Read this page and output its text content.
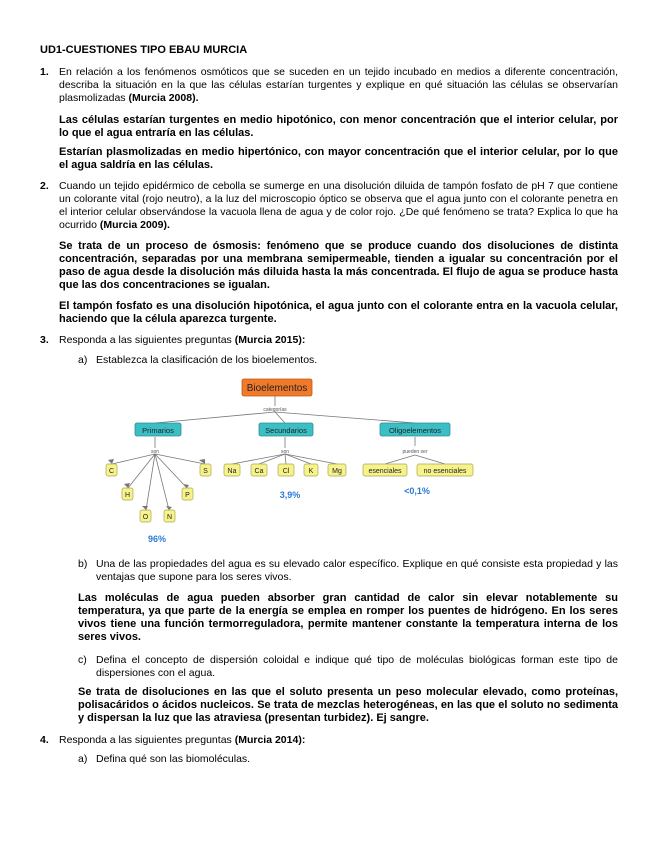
UD1-CUESTIONES TIPO EBAU MURCIA
1. En relación a los fenómenos osmóticos que se suceden en un tejido incubado en medios a diferente concentración, describa la situación en la que las células estarían turgentes y explique en qué situación las células se observarían plasmolizadas (Murcia 2008).
Las células estarían turgentes en medio hipotónico, con menor concentración que el interior celular, por lo que el agua entraría en las células.
Estarían plasmolizadas en medio hipertónico, con mayor concentración que el interior celular, por lo que el agua saldría en las células.
2. Cuando un tejido epidérmico de cebolla se sumerge en una disolución diluida de tampón fosfato de pH 7 que contiene un colorante vital (rojo neutro), a la luz del microscopio óptico se observa que el agua junto con el colorante penetra en el interior celular observándose la vacuola llena de agua y de color rojo. ¿De qué fenómeno se trata? Explica lo que ha ocurrido (Murcia 2009).
Se trata de un proceso de ósmosis: fenómeno que se produce cuando dos disoluciones de distinta concentración, separadas por una membrana semipermeable, tienden a igualar su concentración por el paso de agua desde la disolución más diluida hasta la más concentrada. El flujo de agua se produce hasta que las dos concentraciones se igualan.
El tampón fosfato es una disolución hipotónica, el agua junto con el colorante entra en la vacuola celular, haciendo que la célula aparezca turgente.
3. Responda a las siguientes preguntas (Murcia 2015):
a) Establezca la clasificación de los bioelementos.
Bioelementos
categorías
Primarios	Secundarios	Oligoelementos
son	son	pueden ser
C
H
O	N
P
S	Na	Ca	Cl	K	Mg	esenciales	no esenciales
96%
3,9%	<0,1%
b) Una de las propiedades del agua es su elevado calor específico. Explique en qué consiste esta propiedad y las ventajas que supone para los seres vivos.
Las moléculas de agua pueden absorber gran cantidad de calor sin elevar notablemente su temperatura, ya que parte de la energía se emplea en romper los puentes de hidrógeno. En los seres vivos tiene una función termorreguladora, permite mantener constante la temperatura interna de los seres vivos.
c) Defina el concepto de dispersión coloidal e indique qué tipo de moléculas biológicas forman este tipo de dispersiones con el agua.
Se trata de disoluciones en las que el soluto presenta un peso molecular elevado, como proteínas, polisacáridos o ácidos nucleicos. Se trata de mezclas heterogéneas, en las que el soluto no sedimenta y dispersan la luz que las atraviesa (presentan turbidez). Ej sangre.
4. Responda a las siguientes preguntas (Murcia 2014):
a) Defina qué son las biomoléculas.
